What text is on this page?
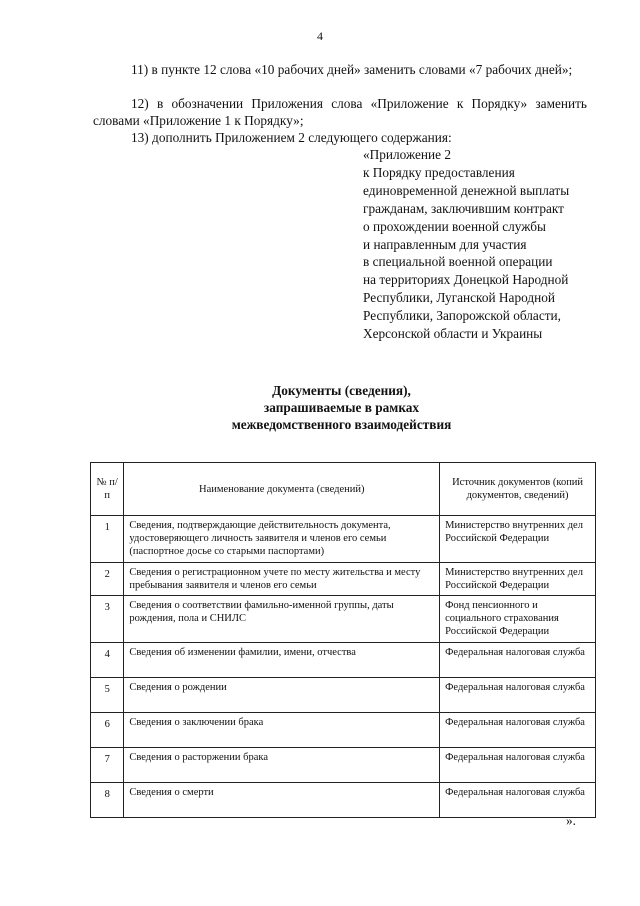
4
11) в пункте 12 слова «10 рабочих дней» заменить словами «7 рабочих дней»;
12) в обозначении Приложения слова «Приложение к Порядку» заменить словами «Приложение 1 к Порядку»;
13) дополнить Приложением 2 следующего содержания:
«Приложение 2
к Порядку предоставления
единовременной денежной выплаты
гражданам, заключившим контракт
о прохождении военной службы
и направленным для участия
в специальной военной операции
на территориях Донецкой Народной
Республики, Луганской Народной
Республики, Запорожской области,
Херсонской области и Украины
Документы (сведения),
запрашиваемые в рамках
межведомственного взаимодействия
№ п/п	Наименование документа (сведений)	Источник документов (копий документов, сведений)
1	Сведения, подтверждающие действительность документа, удостоверяющего личность заявителя и членов его семьи (паспортное досье со старыми паспортами)	Министерство внутренних дел Российской Федерации
2	Сведения о регистрационном учете по месту жительства и месту пребывания заявителя и членов его семьи	Министерство внутренних дел Российской Федерации
3	Сведения о соответствии фамильно-именной группы, даты рождения, пола и СНИЛС	Фонд пенсионного и социального страхования Российской Федерации
4	Сведения об изменении фамилии, имени, отчества	Федеральная налоговая служба
5	Сведения о рождении	Федеральная налоговая служба
6	Сведения о заключении брака	Федеральная налоговая служба
7	Сведения о расторжении брака	Федеральная налоговая служба
8	Сведения о смерти	Федеральная налоговая служба
».
